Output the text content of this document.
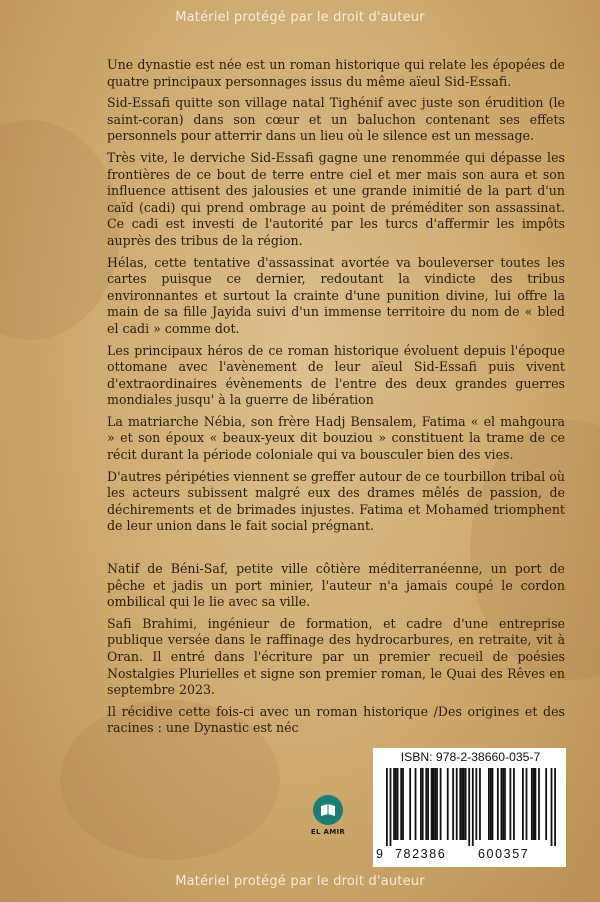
Matériel protégé par le droit d'auteur

Une dynastie est née est un roman historique qui relate les épopées de quatre principaux personnages issus du même aïeul Sid-Essafi.

Sid-Essafi quitte son village natal Tighénif avec juste son érudition (le saint-coran) dans son cœur et un baluchon contenant ses effets personnels pour atterrir dans un lieu où le silence est un message.

Très vite, le derviche Sid-Essafi gagne une renommée qui dépasse les frontières de ce bout de terre entre ciel et mer mais son aura et son influence attisent des jalousies et une grande inimitié de la part d'un caïd (cadi) qui prend ombrage au point de préméditer son assassinat. Ce cadi est investi de l'autorité par les turcs d'affermir les impôts auprès des tribus de la région.

Hélas, cette tentative d'assassinat avortée va bouleverser toutes les cartes puisque ce dernier, redoutant la vindicte des tribus environnantes et surtout la crainte d'une punition divine, lui offre la main de sa fille Jayida suivi d'un immense territoire du nom de « bled el cadi » comme dot.

Les principaux héros de ce roman historique évoluent depuis l'époque ottomane avec l'avènement de leur aïeul Sid-Essafi puis vivent d'extraordinaires évènements de l'entre des deux grandes guerres mondiales jusqu' à la guerre de libération

La matriarche Nébia, son frère Hadj Bensalem, Fatima « el mahgoura » et son époux « beaux-yeux dit bouziou » constituent la trame de ce récit durant la période coloniale qui va bousculer bien des vies.

D'autres péripéties viennent se greffer autour de ce tourbillon tribal où les acteurs subissent malgré eux des drames mêlés de passion, de déchirements et de brimades injustes. Fatima et Mohamed triomphent de leur union dans le fait social prégnant.

Natif de Béni-Saf, petite ville côtière méditerranéenne, un port de pêche et jadis un port minier, l'auteur n'a jamais coupé le cordon ombilical qui le lie avec sa ville.

Safi Brahimi, ingénieur de formation, et cadre d'une entreprise publique versée dans le raffinage des hydrocarbures, en retraite, vit à Oran. Il entré dans l'écriture par un premier recueil de poésies Nostalgies Plurielles et signe son premier roman, le Quai des Rêves en septembre 2023.

Il récidive cette fois-ci avec un roman historique /Des origines et des racines : une Dynastic est néc

EL AMIR
ISBN: 978-2-38660-035-7
9 782386	600357
Matériel protégé par le droit d'auteur
